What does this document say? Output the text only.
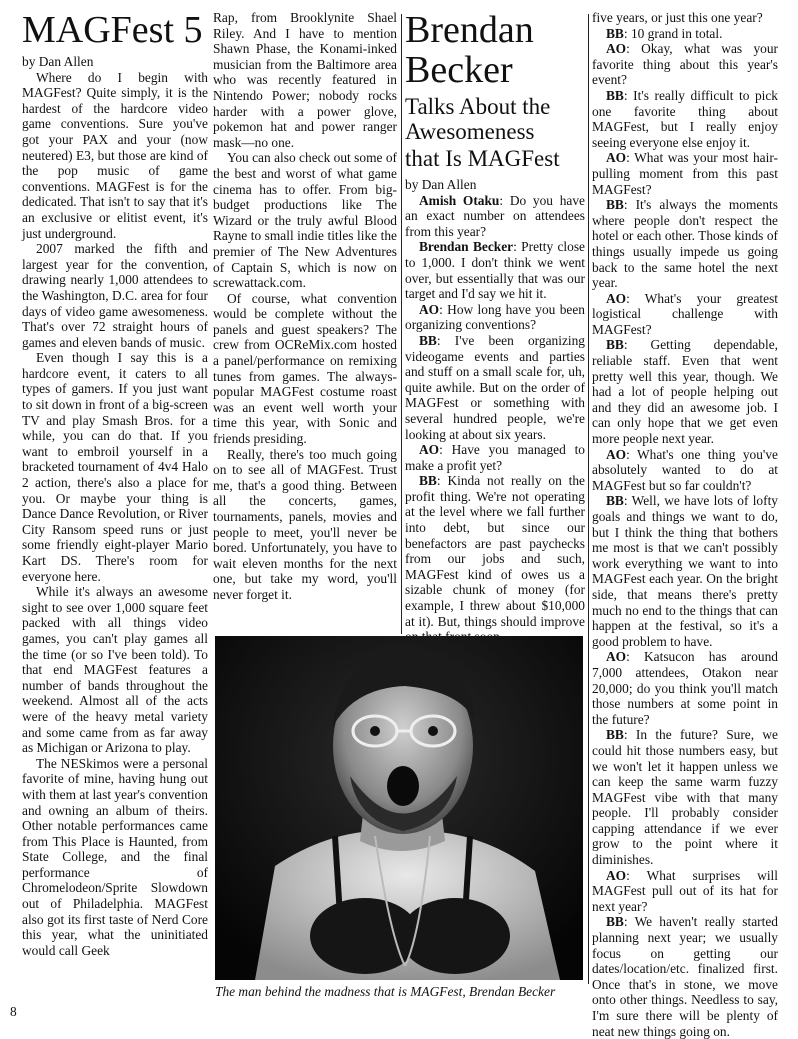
MAGFest 5

by Dan Allen

Where do I begin with MAGFest? Quite simply, it is the hardest of the hardcore video game conventions. Sure you've got your PAX and your (now neutered) E3, but those are kind of the pop music of game conventions. MAGFest is for the dedicated. That isn't to say that it's an exclusive or elitist event, it's just underground.

2007 marked the fifth and largest year for the convention, drawing nearly 1,000 attendees to the Washington, D.C. area for four days of video game awesomeness. That's over 72 straight hours of games and eleven bands of music.

Even though I say this is a hardcore event, it caters to all types of gamers. If you just want to sit down in front of a big-screen TV and play Smash Bros. for a while, you can do that. If you want to embroil yourself in a bracketed tournament of 4v4 Halo 2 action, there's also a place for you. Or maybe your thing is Dance Dance Revolution, or River City Ransom speed runs or just some friendly eight-player Mario Kart DS. There's room for everyone here.

While it's always an awesome sight to see over 1,000 square feet packed with all things video games, you can't play games all the time (or so I've been told). To that end MAGFest features a number of bands throughout the weekend. Almost all of the acts were of the heavy metal variety and some came from as far away as Michigan or Arizona to play.

The NESkimos were a personal favorite of mine, having hung out with them at last year's convention and owning an album of theirs. Other notable performances came from This Place is Haunted, from State College, and the final performance of Chromelodeon/Sprite Slowdown out of Philadelphia. MAGFest also got its first taste of Nerd Core this year, what the uninitiated would call Geek

Rap, from Brooklynite Shael Riley. And I have to mention Shawn Phase, the Konami-inked musician from the Baltimore area who was recently featured in Nintendo Power; nobody rocks harder with a power glove, pokemon hat and power ranger mask—no one.

You can also check out some of the best and worst of what game cinema has to offer. From big-budget productions like The Wizard or the truly awful Blood Rayne to small indie titles like the premier of The New Adventures of Captain S, which is now on screwattack.com.

Of course, what convention would be complete without the panels and guest speakers? The crew from OCReMix.com hosted a panel/performance on remixing tunes from games. The always-popular MAGFest costume roast was an event well worth your time this year, with Sonic and friends presiding.

Really, there's too much going on to see all of MAGFest. Trust me, that's a good thing. Between all the concerts, games, tournaments, panels, movies and people to meet, you'll never be bored. Unfortunately, you have to wait eleven months for the next one, but take my word, you'll never forget it.

Brendan
Becker
Talks About the
Awesomeness
that Is MAGFest

by Dan Allen

Amish Otaku: Do you have an exact number on attendees from this year?

Brendan Becker: Pretty close to 1,000. I don't think we went over, but essentially that was our target and I'd say we hit it.

AO: How long have you been organizing conventions?

BB: I've been organizing videogame events and parties and stuff on a small scale for, uh, quite awhile. But on the order of MAGFest or something with several hundred people, we're looking at about six years.

AO: Have you managed to make a profit yet?

BB: Kinda not really on the profit thing. We're not operating at the level where we fall further into debt, but since our benefactors are past paychecks from our jobs and such, MAGFest kind of owes us a sizable chunk of money (for example, I threw about $10,000 at it). But, things should improve

five years, or just this one year?

BB: 10 grand in total.

AO: Okay, what was your favorite thing about this year's event?

BB: It's really difficult to pick one favorite thing about MAGFest, but I really enjoy seeing everyone else enjoy it.

AO: What was your most hair-pulling moment from this past MAGFest?

BB: It's always the moments where people don't respect the hotel or each other. Those kinds of things usually impede us going back to the same hotel the next year.

AO: What's your greatest logistical challenge with MAGFest?

BB: Getting dependable, reliable staff. Even that went pretty well this year, though. We had a lot of people helping out and they did an awesome job. I can only hope that we get even more people next year.

AO: What's one thing you've absolutely wanted to do at MAGFest but so far couldn't?

BB: Well, we have lots of lofty goals and things we want to do, but I think the thing that bothers me most is that we can't possibly work everything we want to into MAGFest each year. On the bright side, that means there's pretty much no end to the things that can happen at the festival, so it's a good problem to have.

AO: Katsucon has around 7,000 attendees, Otakon near 20,000; do you think you'll match those numbers at some point in the future?

BB: In the future? Sure, we could hit those numbers easy, but we won't let it happen unless we can keep the same warm fuzzy MAGFest vibe with that many people. I'll probably consider capping attendance if we ever grow to the point where it diminishes.

AO: What surprises will MAGFest pull out of its hat for next year?

BB: We haven't really started planning next year; we usually focus on getting our dates/location/etc. finalized first. Once that's in stone, we move onto other things. Needless to say, I'm sure there will be plenty of neat new things going on.

The man behind the madness that is MAGFest, Brendan Becker
8
